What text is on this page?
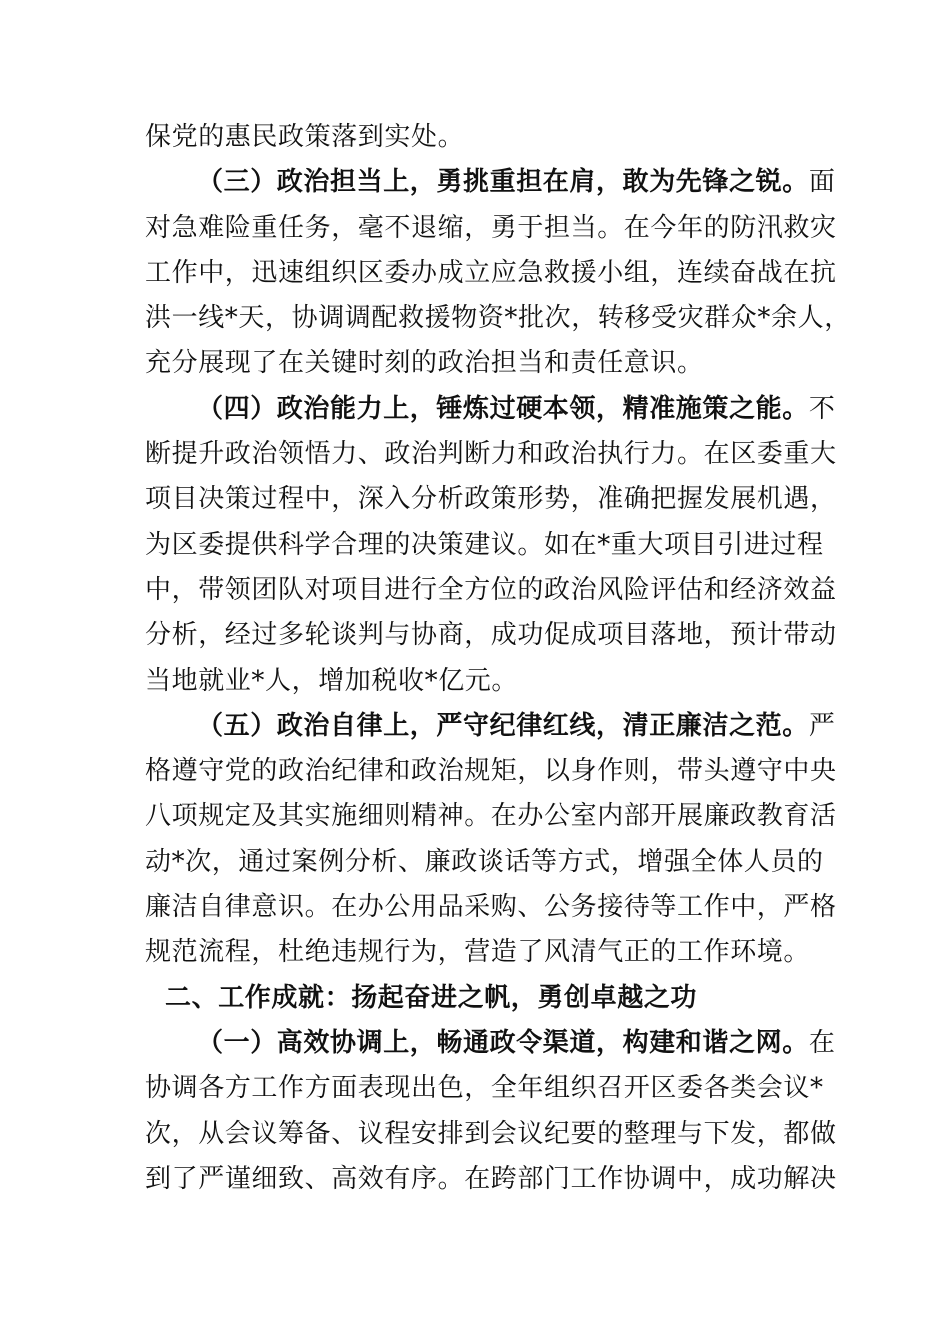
保党的惠民政策落到实处。
（三）政治担当上，勇挑重担在肩，敢为先锋之锐。面
对急难险重任务，毫不退缩，勇于担当。在今年的防汛救灾
工作中，迅速组织区委办成立应急救援小组，连续奋战在抗
洪一线*天，协调调配救援物资*批次，转移受灾群众*余人，
充分展现了在关键时刻的政治担当和责任意识。
（四）政治能力上，锤炼过硬本领，精准施策之能。不
断提升政治领悟力、政治判断力和政治执行力。在区委重大
项目决策过程中，深入分析政策形势，准确把握发展机遇，
为区委提供科学合理的决策建议。如在*重大项目引进过程
中，带领团队对项目进行全方位的政治风险评估和经济效益
分析，经过多轮谈判与协商，成功促成项目落地，预计带动
当地就业*人，增加税收*亿元。
（五）政治自律上，严守纪律红线，清正廉洁之范。严
格遵守党的政治纪律和政治规矩，以身作则，带头遵守中央
八项规定及其实施细则精神。在办公室内部开展廉政教育活
动*次，通过案例分析、廉政谈话等方式，增强全体人员的
廉洁自律意识。在办公用品采购、公务接待等工作中，严格
规范流程，杜绝违规行为，营造了风清气正的工作环境。
二、工作成就：扬起奋进之帆，勇创卓越之功
（一）高效协调上，畅通政令渠道，构建和谐之网。在
协调各方工作方面表现出色，全年组织召开区委各类会议*
次，从会议筹备、议程安排到会议纪要的整理与下发，都做
到了严谨细致、高效有序。在跨部门工作协调中，成功解决
